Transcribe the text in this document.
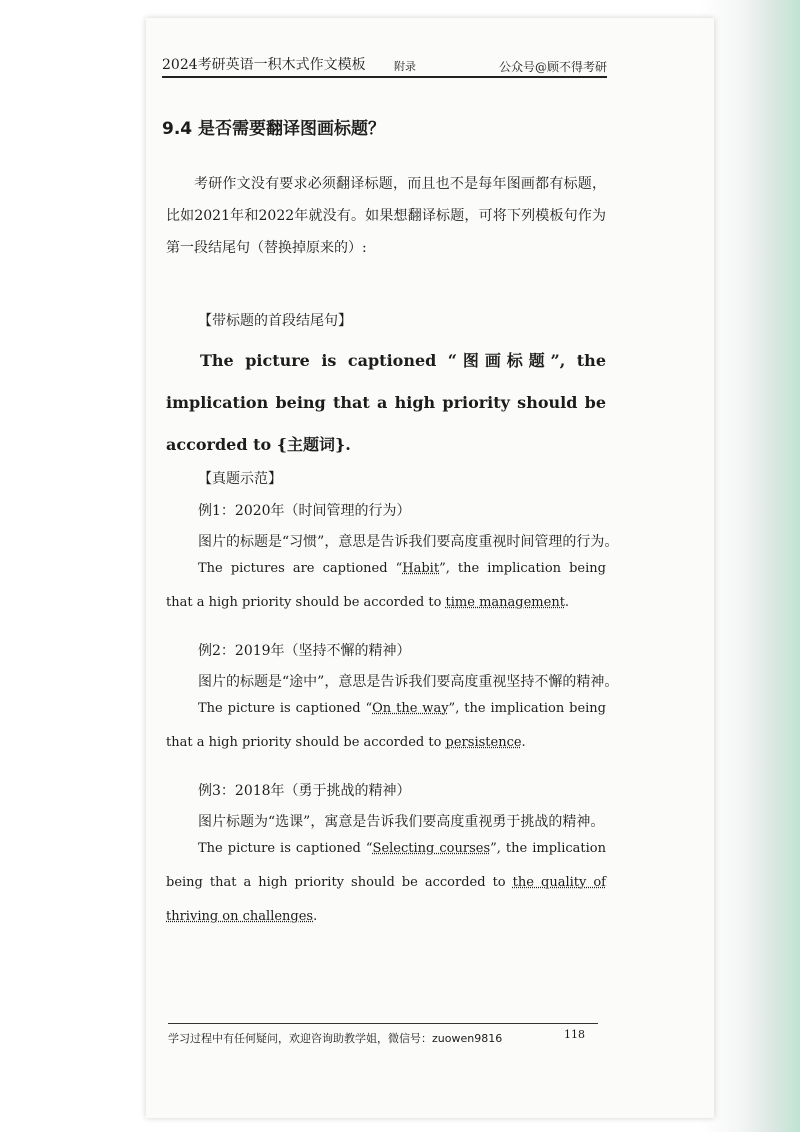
2024考研英语一积木式作文模板	附录	公众号@顾不得考研
9.4 是否需要翻译图画标题？
考研作文没有要求必须翻译标题，而且也不是每年图画都有标题，比如2021年和2022年就没有。如果想翻译标题，可将下列模板句作为第一段结尾句（替换掉原来的）:
【带标题的首段结尾句】
The picture is captioned “图画标题”, the implication being that a high priority should be accorded to {主题词}.
【真题示范】
例1：2020年（时间管理的行为）
图片的标题是“习惯”，意思是告诉我们要高度重视时间管理的行为。
The pictures are captioned “Habit”, the implication being that a high priority should be accorded to time management.
例2：2019年（坚持不懈的精神）
图片的标题是“途中”，意思是告诉我们要高度重视坚持不懈的精神。
The picture is captioned “On the way”, the implication being that a high priority should be accorded to persistence.
例3：2018年（勇于挑战的精神）
图片标题为“选课”，寓意是告诉我们要高度重视勇于挑战的精神。
The picture is captioned “Selecting courses”, the implication being that a high priority should be accorded to the quality of thriving on challenges.
学习过程中有任何疑问，欢迎咨询助教学姐，微信号：zuowen9816	118
